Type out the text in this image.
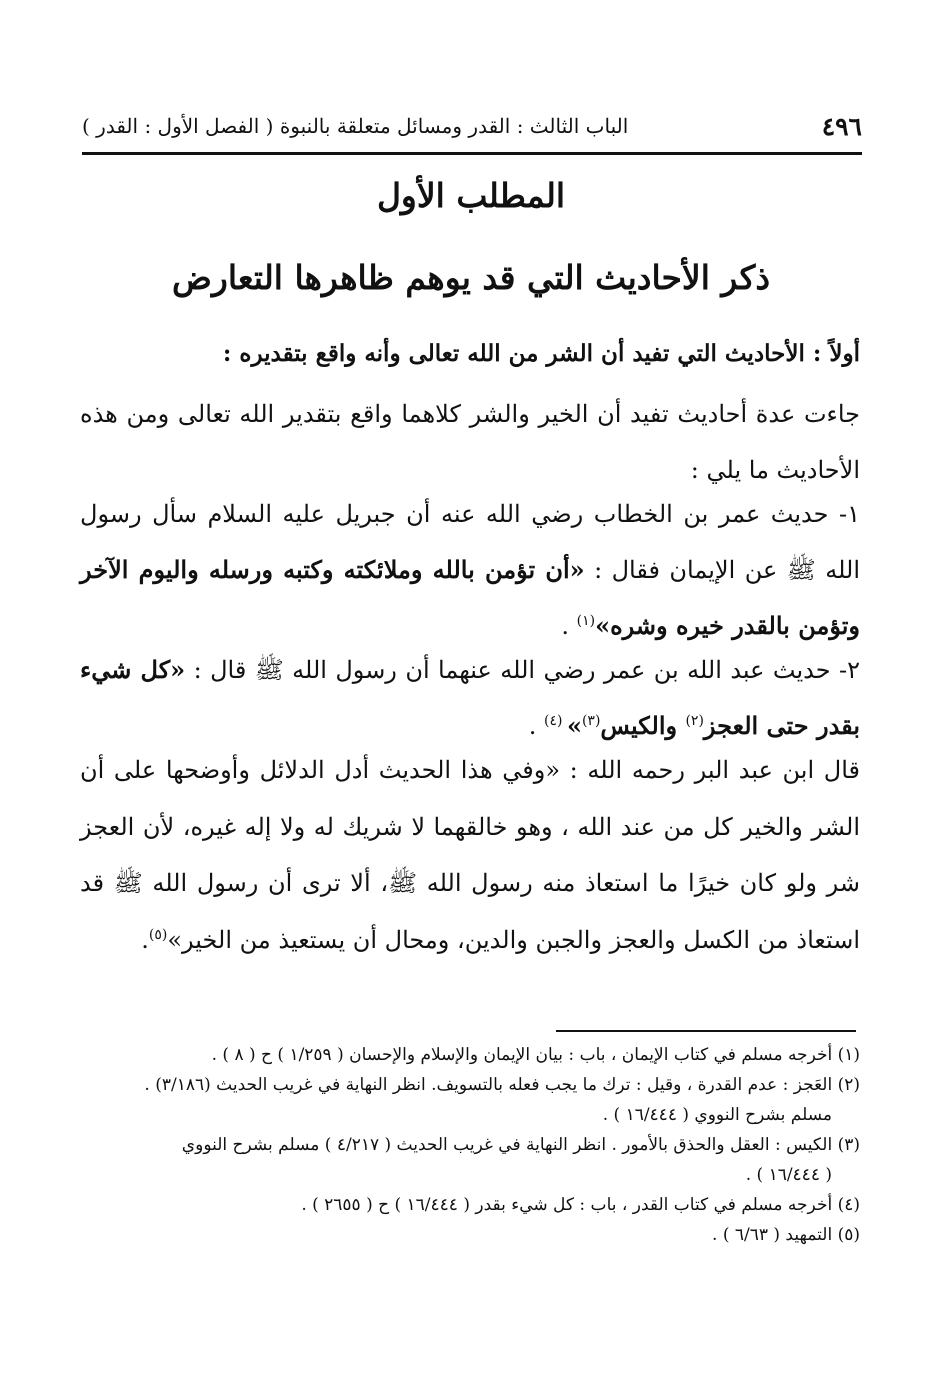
٤٩٦
الباب الثالث : القدر ومسائل متعلقة بالنبوة ( الفصل الأول : القدر )
المطلب الأول
ذكر الأحاديث التي قد يوهم ظاهرها التعارض
أولاً : الأحاديث التي تفيد أن الشر من الله تعالى وأنه واقع بتقديره :
جاءت عدة أحاديث تفيد أن الخير والشر كلاهما واقع بتقدير الله تعالى ومن هذه الأحاديث ما يلي :
١- حديث عمر بن الخطاب رضي الله عنه أن جبريل عليه السلام سأل رسول الله ﷺ عن الإيمان فقال : «أن تؤمن بالله وملائكته وكتبه ورسله واليوم الآخر وتؤمن بالقدر خيره وشره»$^{(١)}$ .
٢- حديث عبد الله بن عمر رضي الله عنهما أن رسول الله ﷺ قال : «كل شيء بقدر حتى العجز$^{(٢)}$ والكيس$^{(٣)}$» $^{(٤)}$ .
قال ابن عبد البر رحمه الله : «وفي هذا الحديث أدل الدلائل وأوضحها على أن الشر والخير كل من عند الله ، وهو خالقهما لا شريك له ولا إله غيره، لأن العجز شر ولو كان خيرًا ما استعاذ منه رسول الله ﷺ، ألا ترى أن رسول الله ﷺ قد استعاذ من الكسل والعجز والجبن والدين، ومحال أن يستعيذ من الخير»$^{(٥)}$.
(١) أخرجه مسلم في كتاب الإيمان ، باب : بيان الإيمان والإسلام والإحسان ( ١/٢٥٩ ) ح ( ٨ ) .
(٢) العَجز : عدم القدرة ، وقيل : ترك ما يجب فعله بالتسويف. انظر النهاية في غريب الحديث (٣/١٨٦) .
مسلم بشرح النووي ( ١٦/٤٤٤ ) .
(٣) الكيس : العقل والحذق بالأمور . انظر النهاية في غريب الحديث ( ٤/٢١٧ ) مسلم بشرح النووي
( ١٦/٤٤٤ ) .
(٤) أخرجه مسلم في كتاب القدر ، باب : كل شيء بقدر ( ١٦/٤٤٤ ) ح ( ٢٦٥٥ ) .
(٥) التمهيد ( ٦/٦٣ ) .
